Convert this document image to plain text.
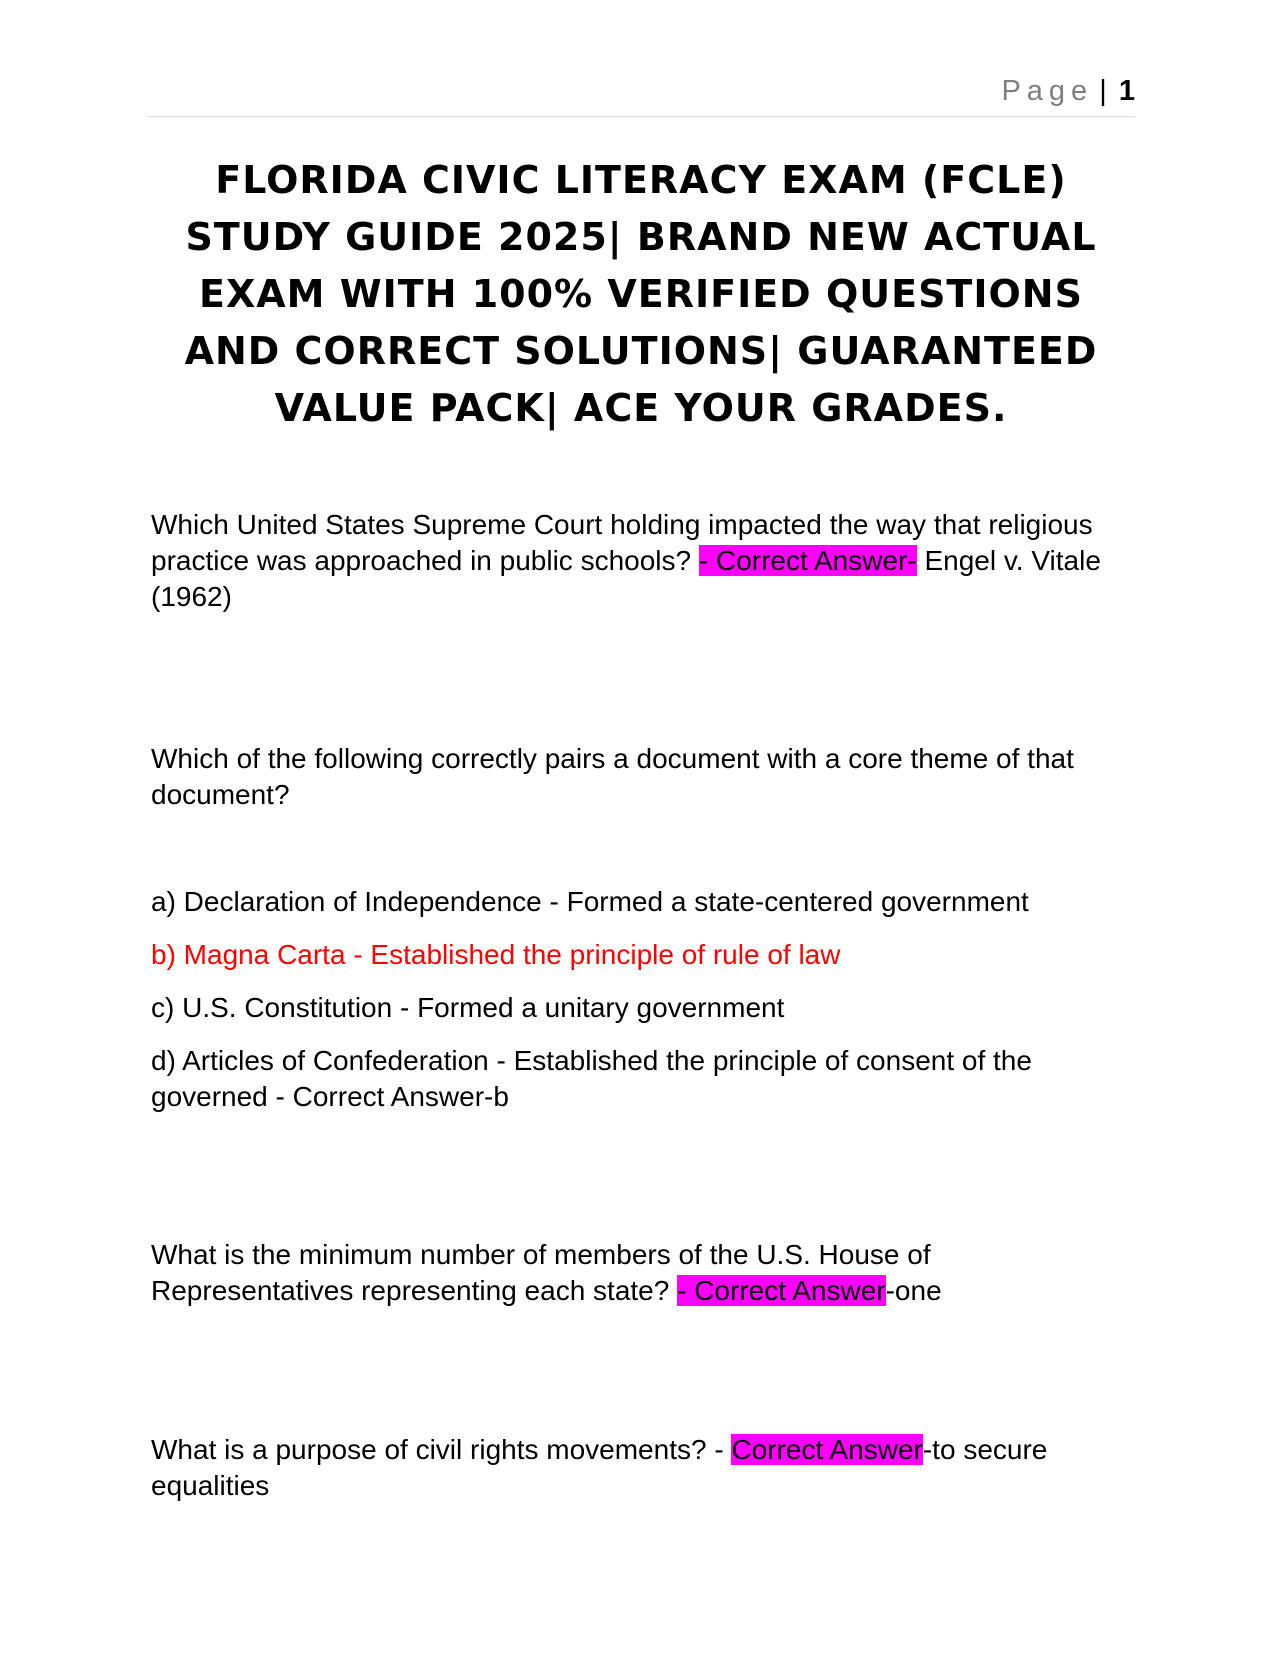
Page | 1
FLORIDA CIVIC LITERACY EXAM (FCLE) STUDY GUIDE 2025| BRAND NEW ACTUAL EXAM WITH 100% VERIFIED QUESTIONS AND CORRECT SOLUTIONS| GUARANTEED VALUE PACK| ACE YOUR GRADES.

Which United States Supreme Court holding impacted the way that religious practice was approached in public schools? - Correct Answer- Engel v. Vitale (1962)

Which of the following correctly pairs a document with a core theme of that document?

a) Declaration of Independence - Formed a state-centered government

b) Magna Carta - Established the principle of rule of law

c) U.S. Constitution - Formed a unitary government

d) Articles of Confederation - Established the principle of consent of the governed - Correct Answer-b

What is the minimum number of members of the U.S. House of Representatives representing each state? - Correct Answer-one

What is a purpose of civil rights movements? - Correct Answer-to secure equalities
